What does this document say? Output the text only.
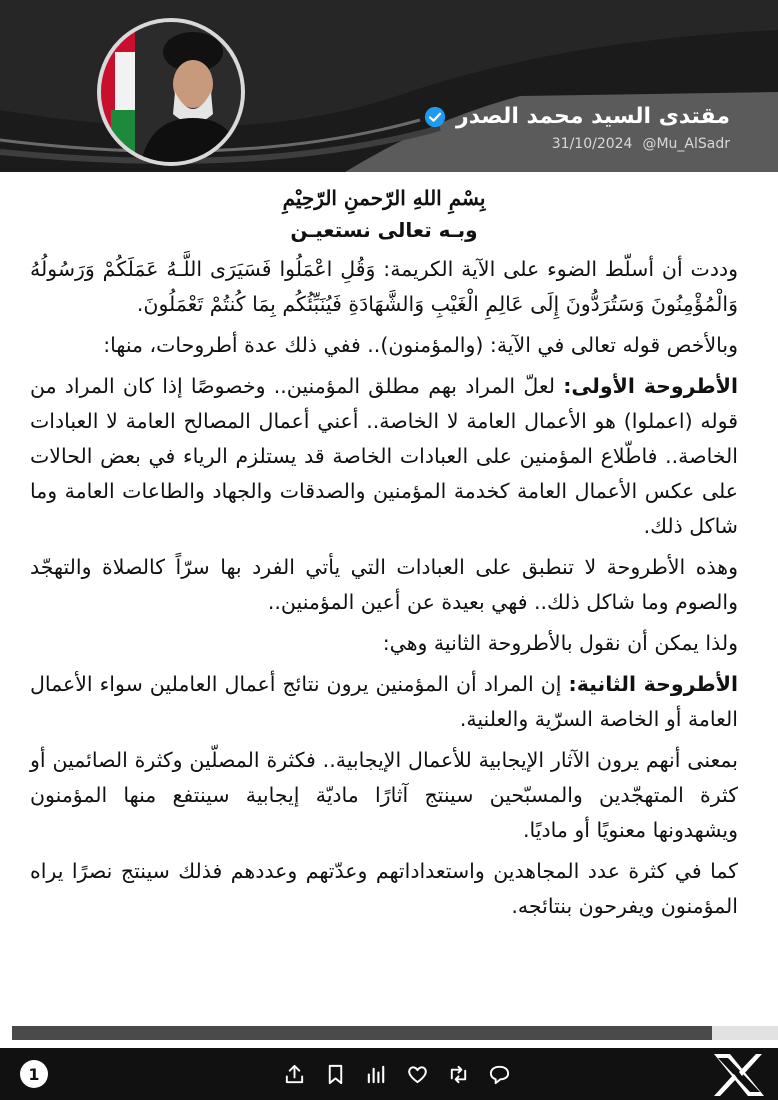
مقتدى السيد محمد الصدر
31/10/2024 @Mu_AlSadr
بِسْمِ اللهِ الرّحمنِ الرّحِيْمِ
وبـه تعالى نستعيـن

وددت أن أسلّط الضوء على الآية الكريمة: وَقُلِ اعْمَلُوا فَسَيَرَى اللَّـهُ عَمَلَكُمْ وَرَسُولُهُ وَالْمُؤْمِنُونَ وَسَتُرَدُّونَ إِلَى عَالِمِ الْغَيْبِ وَالشَّهَادَةِ فَيُنَبِّئُكُم بِمَا كُنتُمْ تَعْمَلُونَ.

وبالأخص قوله تعالى في الآية: (والمؤمنون).. ففي ذلك عدة أطروحات، منها:

الأطروحة الأولى: لعلّ المراد بهم مطلق المؤمنين.. وخصوصًا إذا كان المراد من قوله (اعملوا) هو الأعمال العامة لا الخاصة.. أعني أعمال المصالح العامة لا العبادات الخاصة.. فاطّلاع المؤمنين على العبادات الخاصة قد يستلزم الرياء في بعض الحالات على عكس الأعمال العامة كخدمة المؤمنين والصدقات والجهاد والطاعات العامة وما شاكل ذلك.

وهذه الأطروحة لا تنطبق على العبادات التي يأتي الفرد بها سرّاً كالصلاة والتهجّد والصوم وما شاكل ذلك.. فهي بعيدة عن أعين المؤمنين..

ولذا يمكن أن نقول بالأطروحة الثانية وهي:

الأطروحة الثانية: إن المراد أن المؤمنين يرون نتائج أعمال العاملين سواء الأعمال العامة أو الخاصة السرّية والعلنية.

بمعنى أنهم يرون الآثار الإيجابية للأعمال الإيجابية.. فكثرة المصلّين وكثرة الصائمين أو كثرة المتهجّدين والمسبّحين سينتج آثارًا ماديّة إيجابية سينتفع منها المؤمنون ويشهدونها معنويًا أو ماديًا.

كما في كثرة عدد المجاهدين واستعداداتهم وعدّتهم وعددهم فذلك سينتج نصرًا يراه المؤمنون ويفرحون بنتائجه.

1
